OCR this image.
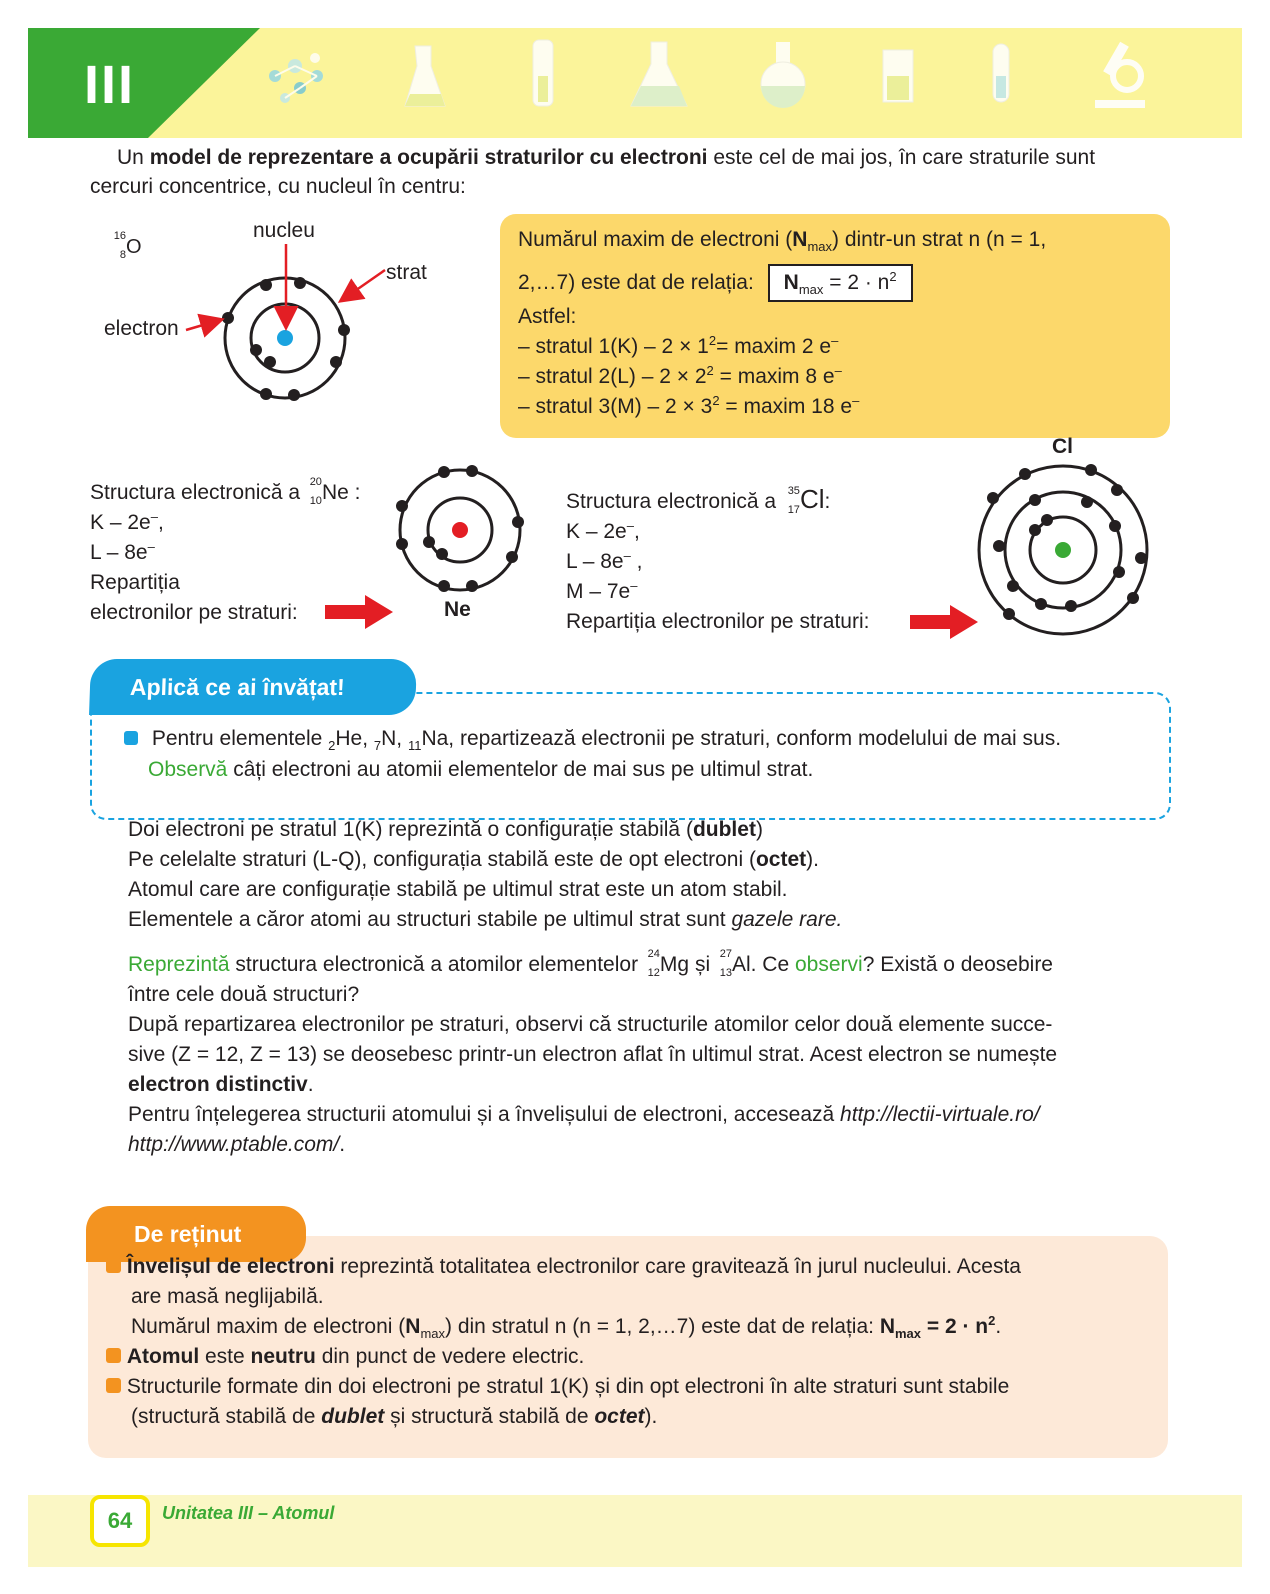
III
Un model de reprezentare a ocupării straturilor cu electroni este cel de mai jos, în care straturile sunt
cercuri concentrice, cu nucleul în centru:
16
8 O
nucleu
strat
electron
Numărul maxim de electroni $(N_{max})$ dintr-un strat n (n = 1,
2,…7) este dat de relația: $N_{max} = 2 \cdot n^2$
Astfel:
– stratul $1(K) - 2 \times 1^2=$ maxim 2 e–
– stratul $2(L) - 2 \times 2^2$ = maxim 8 e–
– stratul $3(M) - 2 \times 3^2$ = maxim 18 e–
Structura electronică a 20
10 Ne :
K – 2e–,
L – 8e–
Repartiția
electronilor pe straturi:	Ne
Structura electronică a 35
17 Cl:
K – 2e–,
L – 8e– ,
M – 7e–
Repartiția electronilor pe straturi:
Cl
Aplică ce ai învățat!
Pentru elementele $_2$He, $_7$N, $_{11}$Na, repartizează electronii pe straturi, conform modelului de mai sus.
Observă câți electroni au atomii elementelor de mai sus pe ultimul strat.
Doi electroni pe stratul 1(K) reprezintă o configurație stabilă (dublet)
Pe celelalte straturi (L-Q), configurația stabilă este de opt electroni (octet).
Atomul care are configurație stabilă pe ultimul strat este un atom stabil.
Elementele a căror atomi au structuri stabile pe ultimul strat sunt gazele rare.
Reprezintă structura electronică a atomilor elementelor 24
12 Mg și 27
13 Al. Ce observi? Există o deosebire
între cele două structuri?
După repartizarea electronilor pe straturi, observi că structurile atomilor celor două elemente succe-
sive (Z = 12, Z = 13) se deosebesc printr-un electron aflat în ultimul strat. Acest electron se numește
electron distinctiv.
Pentru înțelegerea structurii atomului și a învelișului de electroni, accesează http://lectii-virtuale.ro/
http://www.ptable.com/.
De reținut
Învelișul de electroni reprezintă totalitatea electronilor care gravitează în jurul nucleului. Acesta
are masă neglijabilă.
Numărul maxim de electroni $(N_{max})$ din stratul n (n = 1, 2,…7) este dat de relația: $N_{max} = 2 \cdot n^2$.
Atomul este neutru din punct de vedere electric.
Structurile formate din doi electroni pe stratul 1(K) și din opt electroni în alte straturi sunt stabile
(structură stabilă de dublet și structură stabilă de octet).
64	Unitatea III – Atomul
